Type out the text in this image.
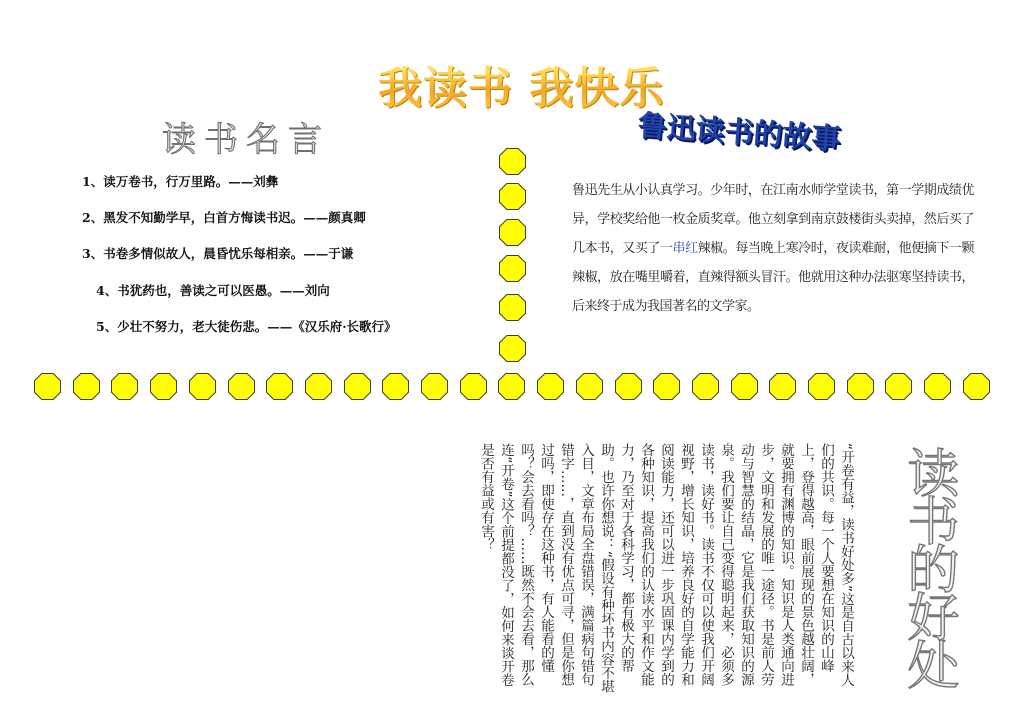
我读书 我快乐
读书名言
1、读万卷书，行万里路。——刘彝
2、黑发不知勤学早，白首方悔读书迟。——颜真卿
3、书卷多情似故人，晨昏忧乐每相亲。——于谦
4、书犹药也，善读之可以医愚。——刘向
5、少壮不努力，老大徒伤悲。——《汉乐府·长歌行》
鲁迅读书的故事
鲁迅先生从小认真学习。少年时，在江南水师学堂读书，第一学期成绩优异，学校奖给他一枚金质奖章。他立刻拿到南京鼓楼街头卖掉，然后买了几本书，又买了一串红辣椒。每当晚上寒冷时，夜读难耐，他便摘下一颗辣椒，放在嘴里嚼着，直辣得额头冒汗。他就用这种办法驱寒坚持读书，后来终于成为我国著名的文学家。
“开卷有益，读书好处多”这是自古以来人们的共识。每一个人要想在知识的山峰上，登得越高，眼前展现的景色越壮阔，就要拥有渊博的知识。知识是人类通向进步，文明和发展的唯一途径。书是前人劳动与智慧的结晶，它是我们获取知识的源泉。我们要让自己变得聪明起来，必须多读书，读好书。读书不仅可以使我们开阔视野，增长知识，培养良好的自学能力和阅读能力，还可以进一步巩固课内学到的各种知识，提高我们的认读水平和作文能力，乃至对于各科学习，都有极大的帮助。也许你想说：“假设有种坏书内容不堪入目，文章布局全盘错误，满篇病句错句错字……，直到没有优点可寻，但是你想过吗，即使存在这种书，有人能看的懂吗？会去看吗？……既然不会去看，那么连“开卷”这个前提都没了，如何来谈开卷是否有益或有害？	读书的好处
